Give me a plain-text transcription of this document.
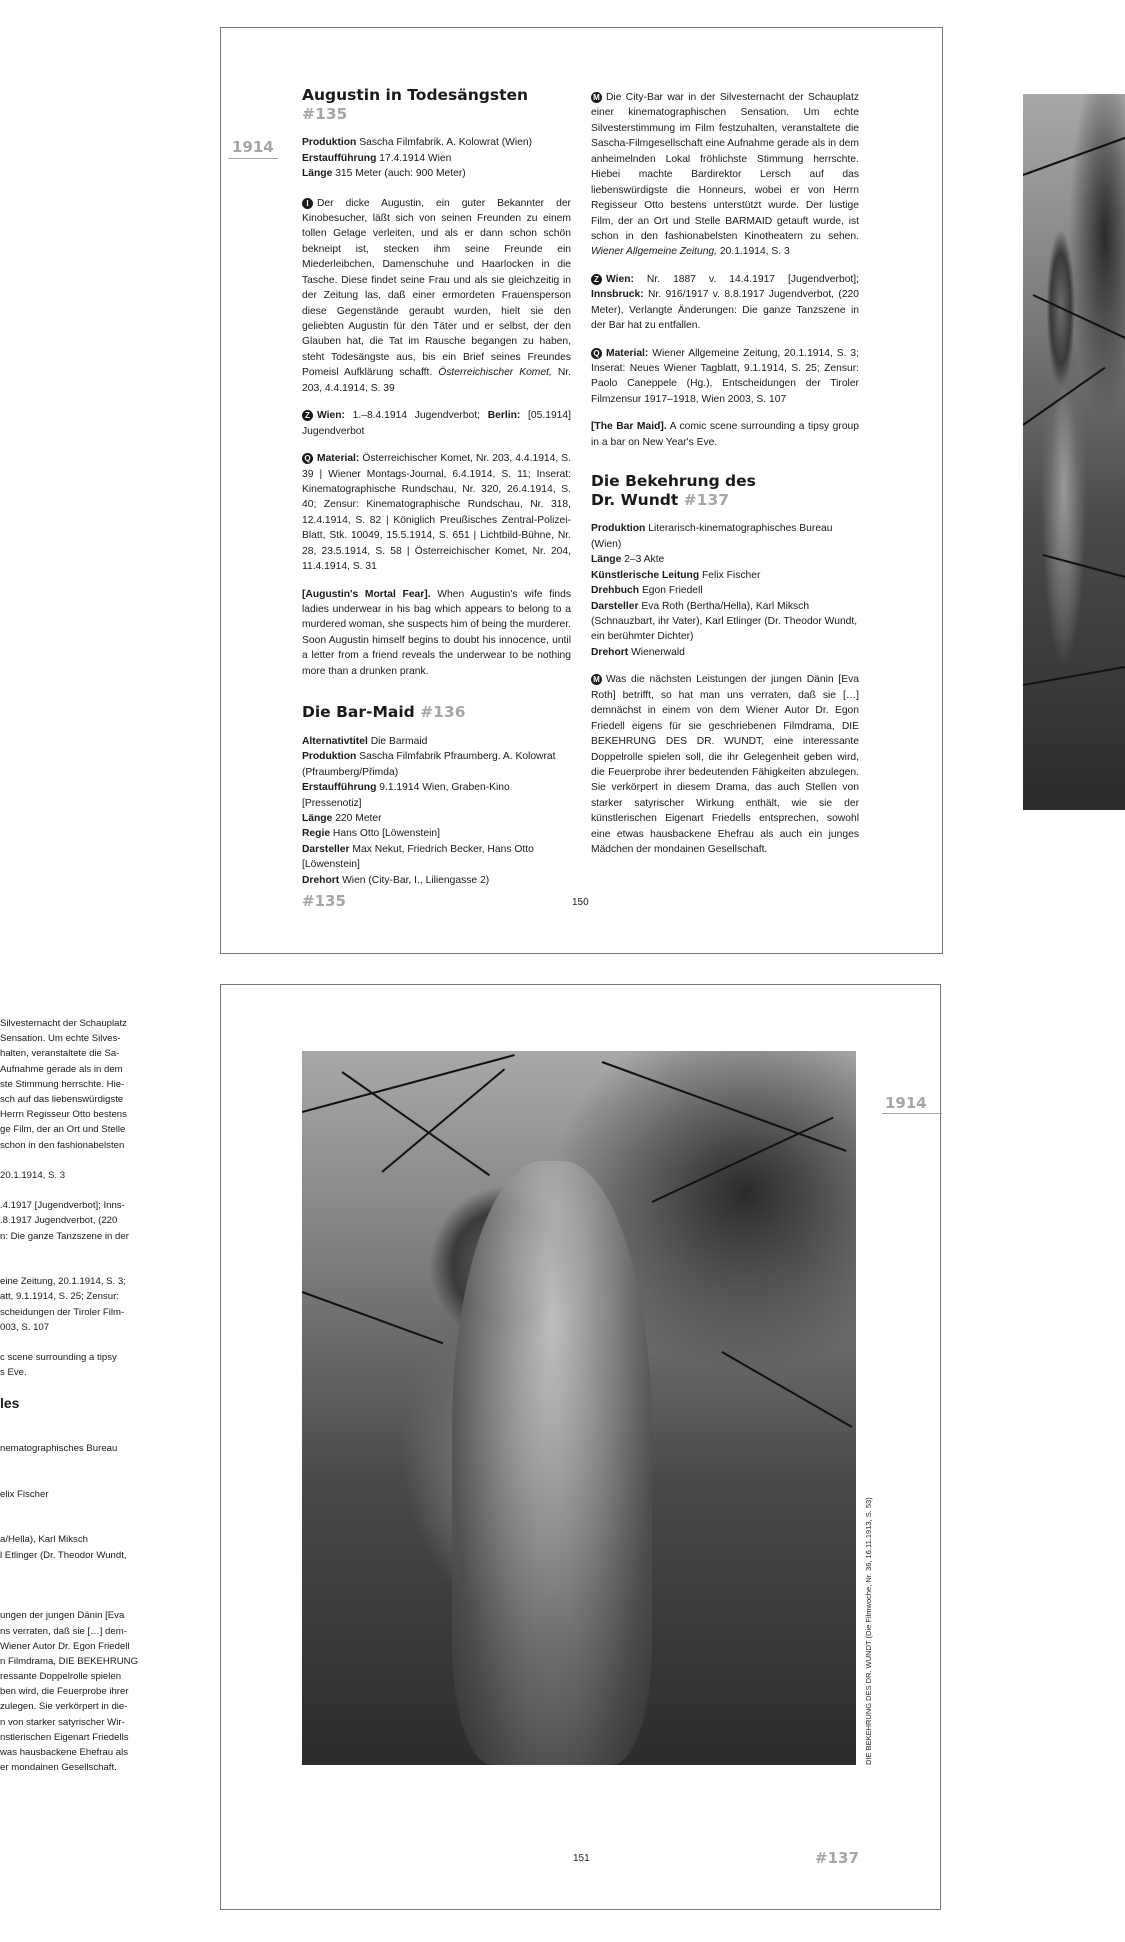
1914
Augustin in Todesängsten #135

Produktion Sascha Filmfabrik. A. Kolowrat (Wien)

Erstaufführung 17.4.1914 Wien

Länge 315 Meter (auch: 900 Meter)

I Der dicke Augustin, ein guter Bekannter der Kinobesucher, läßt sich von seinen Freunden zu einem tollen Gelage verleiten, und als er dann schon schön bekneipt ist, stecken ihm seine Freunde ein Miederleibchen, Damenschuhe und Haarlocken in die Tasche. Diese findet seine Frau und als sie gleichzeitig in der Zeitung las, daß einer ermordeten Frauensperson diese Gegenstände geraubt wurden, hielt sie den geliebten Augustin für den Täter und er selbst, der den Glauben hat, die Tat im Rausche begangen zu haben, steht Todesängste aus, bis ein Brief seines Freundes Pomeisl Aufklärung schafft. Österreichischer Komet, Nr. 203, 4.4.1914, S. 39

Z Wien: 1.–8.4.1914 Jugendverbot; Berlin: [05.1914] Jugendverbot

Q Material: Österreichischer Komet, Nr. 203, 4.4.1914, S. 39 | Wiener Montags-Journal, 6.4.1914, S. 11; Inserat: Kinematographische Rundschau, Nr. 320, 26.4.1914, S. 40; Zensur: Kinematographische Rundschau, Nr. 318, 12.4.1914, S. 82 | Königlich Preußisches Zentral-Polizei-Blatt, Stk. 10049, 15.5.1914, S. 651 | Lichtbild-Bühne, Nr. 28, 23.5.1914, S. 58 | Österreichischer Komet, Nr. 204, 11.4.1914, S. 31

[Augustin's Mortal Fear]. When Augustin's wife finds ladies underwear in his bag which appears to belong to a murdered woman, she suspects him of being the murderer. Soon Augustin himself begins to doubt his innocence, until a letter from a friend reveals the underwear to be nothing more than a drunken prank.

Die Bar-Maid #136

Alternativtitel Die Barmaid

Produktion Sascha Filmfabrik Pfraumberg. A. Kolowrat (Pfraumberg/Přimda)

Erstaufführung 9.1.1914 Wien, Graben-Kino [Pressenotiz]

Länge 220 Meter

Regie Hans Otto [Löwenstein]

Darsteller Max Nekut, Friedrich Becker, Hans Otto [Löwenstein]

Drehort Wien (City-Bar, I., Liliengasse 2)

M Die City-Bar war in der Silvesternacht der Schauplatz einer kinematographischen Sensation. Um echte Silvesterstimmung im Film festzuhalten, veranstaltete die Sascha-Filmgesellschaft eine Aufnahme gerade als in dem anheimelnden Lokal fröhlichste Stimmung herrschte. Hiebei machte Bardirektor Lersch auf das liebenswürdigste die Honneurs, wobei er von Herrn Regisseur Otto bestens unterstützt wurde. Der lustige Film, der an Ort und Stelle BARMAID getauft wurde, ist schon in den fashionabelsten Kinotheatern zu sehen. Wiener Allgemeine Zeitung, 20.1.1914, S. 3

Z Wien: Nr. 1887 v. 14.4.1917 [Jugendverbot]; Innsbruck: Nr. 916/1917 v. 8.8.1917 Jugendverbot, (220 Meter), Verlangte Änderungen: Die ganze Tanzszene in der Bar hat zu entfallen.

Q Material: Wiener Allgemeine Zeitung, 20.1.1914, S. 3; Inserat: Neues Wiener Tagblatt, 9.1.1914, S. 25; Zensur: Paolo Caneppele (Hg.), Entscheidungen der Tiroler Filmzensur 1917–1918, Wien 2003, S. 107

[The Bar Maid]. A comic scene surrounding a tipsy group in a bar on New Year's Eve.

Die Bekehrung des
Dr. Wundt #137

Produktion Literarisch-kinematographisches Bureau (Wien)

Länge 2–3 Akte

Künstlerische Leitung Felix Fischer

Drehbuch Egon Friedell

Darsteller Eva Roth (Bertha/Hella), Karl Miksch (Schnauzbart, ihr Vater), Karl Etlinger (Dr. Theodor Wundt, ein berühmter Dichter)

Drehort Wienerwald

M Was die nächsten Leistungen der jungen Dänin [Eva Roth] betrifft, so hat man uns verraten, daß sie […] demnächst in einem von dem Wiener Autor Dr. Egon Friedell eigens für sie geschriebenen Filmdrama, DIE BEKEHRUNG DES DR. WUNDT, eine interessante Doppelrolle spielen soll, die ihr Gelegenheit geben wird, die Feuerprobe ihrer bedeutenden Fähigkeiten abzulegen. Sie verkörpert in diesem Drama, das auch Stellen von starker satyrischer Wirkung enthält, wie sie der künstlerischen Eigenart Friedells entsprechen, sowohl eine etwas hausbackene Ehefrau als auch ein junges Mädchen der mondainen Gesellschaft.

#135	150
Silvesternacht der Schauplatz
Sensation. Um echte Silves-
halten, veranstaltete die Sa-
Aufnahme gerade als in dem
ste Stimmung herrschte. Hie-
sch auf das liebenswürdigste
Herrn Regisseur Otto bestens
ge Film, der an Ort und Stelle
schon in den fashionabelsten
20.1.1914, S. 3
.4.1917 [Jugendverbot]; Inns-
.8.1917 Jugendverbot, (220
n: Die ganze Tanzszene in der
eine Zeitung, 20.1.1914, S. 3;
att, 9.1.1914, S. 25; Zensur:
scheidungen der Tiroler Film-
003, S. 107
c scene surrounding a tipsy
s Eve.
les
nematographisches Bureau
elix Fischer
a/Hella), Karl Miksch
l Etlinger (Dr. Theodor Wundt,
ungen der jungen Dänin [Eva
ns verraten, daß sie […] dem-
Wiener Autor Dr. Egon Friedell
n Filmdrama, DIE BEKEHRUNG
ressante Doppelrolle spielen
ben wird, die Feuerprobe ihrer
zulegen. Sie verkörpert in die-
n von starker satyrischer Wir-
nstlerischen Eigenart Friedells
was hausbackene Ehefrau als
er mondainen Gesellschaft.
DIE BEKEHRUNG DES DR. WUNDT (Die Filmwoche, Nr. 36, 16.11.1913, S. 53)
1914
151	#137
